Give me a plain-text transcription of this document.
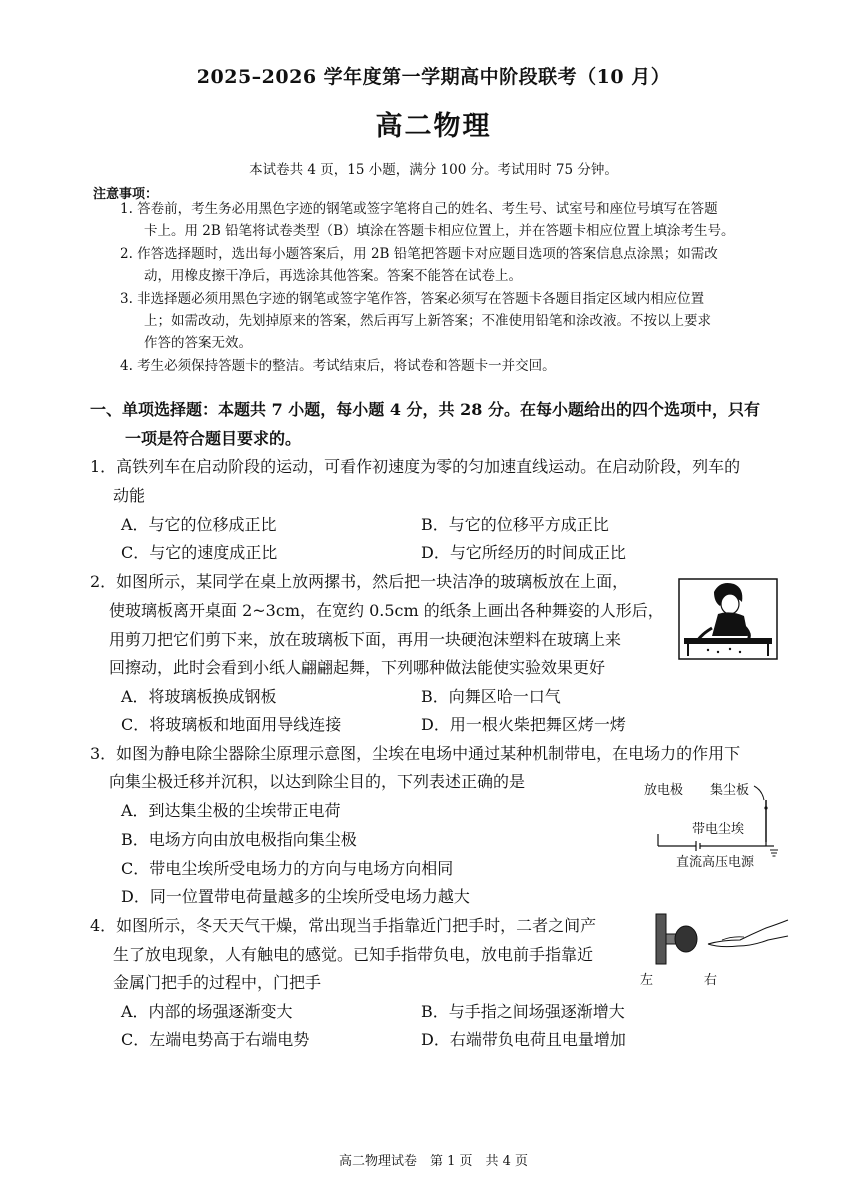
2025–2026 学年度第一学期高中阶段联考（10 月）
高二物理
本试卷共 4 页，15 小题，满分 100 分。考试用时 75 分钟。
注意事项：
1. 答卷前，考生务必用黑色字迹的钢笔或签字笔将自己的姓名、考生号、试室号和座位号填写在答题
卡上。用 2B 铅笔将试卷类型（B）填涂在答题卡相应位置上，并在答题卡相应位置上填涂考生号。
2. 作答选择题时，选出每小题答案后，用 2B 铅笔把答题卡对应题目选项的答案信息点涂黑；如需改
动，用橡皮擦干净后，再选涂其他答案。答案不能答在试卷上。
3. 非选择题必须用黑色字迹的钢笔或签字笔作答，答案必须写在答题卡各题目指定区域内相应位置
上；如需改动，先划掉原来的答案，然后再写上新答案；不准使用铅笔和涂改液。不按以上要求
作答的答案无效。
4. 考生必须保持答题卡的整洁。考试结束后，将试卷和答题卡一并交回。
一、单项选择题：本题共 7 小题，每小题 4 分，共 28 分。在每小题给出的四个选项中，只有
一项是符合题目要求的。
1．高铁列车在启动阶段的运动，可看作初速度为零的匀加速直线运动。在启动阶段，列车的
动能
A．与它的位移成正比	B．与它的位移平方成正比
C．与它的速度成正比	D．与它所经历的时间成正比
2．如图所示，某同学在桌上放两摞书，然后把一块洁净的玻璃板放在上面，
使玻璃板离开桌面 2~3cm，在宽约 0.5cm 的纸条上画出各种舞姿的人形后，
用剪刀把它们剪下来，放在玻璃板下面，再用一块硬泡沫塑料在玻璃上来
回擦动，此时会看到小纸人翩翩起舞，下列哪种做法能使实验效果更好
A．将玻璃板换成钢板	B．向舞区哈一口气
C．将玻璃板和地面用导线连接	D．用一根火柴把舞区烤一烤
3．如图为静电除尘器除尘原理示意图，尘埃在电场中通过某种机制带电，在电场力的作用下
向集尘极迁移并沉积，以达到除尘目的，下列表述正确的是
A．到达集尘极的尘埃带正电荷
B．电场方向由放电极指向集尘极
C．带电尘埃所受电场力的方向与电场方向相同
D．同一位置带电荷量越多的尘埃所受电场力越大
放电极 集尘板
带电尘埃
直流高压电源
4．如图所示，冬天天气干燥，常出现当手指靠近门把手时，二者之间产
生了放电现象，人有触电的感觉。已知手指带负电，放电前手指靠近
金属门把手的过程中，门把手
A．内部的场强逐渐变大	B．与手指之间场强逐渐增大
C．左端电势高于右端电势	D．右端带负电荷且电量增加
左	右
高二物理试卷　第 1 页　共 4 页
